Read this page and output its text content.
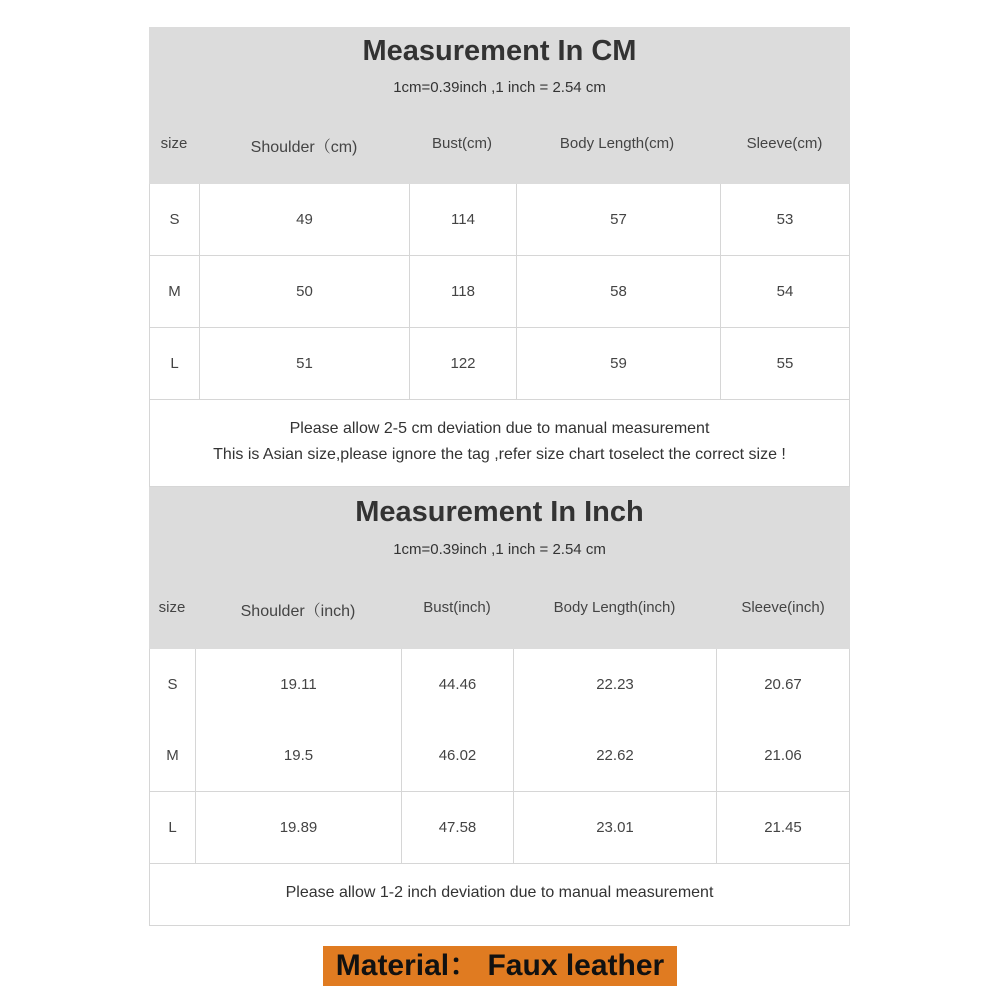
Measurement In CM
1cm=0.39inch ,1 inch = 2.54 cm
size	Shoulder（cm)	Bust(cm)	Body Length(cm)	Sleeve(cm)
S	49	114	57	53
M	50	118	58	54
L	51	122	59	55
Please allow 2-5 cm deviation due to manual measurement
This is Asian size,please ignore the tag ,refer size chart toselect the correct size !
Measurement In Inch
1cm=0.39inch ,1 inch = 2.54 cm
size	Shoulder（inch)	Bust(inch)	Body Length(inch)	Sleeve(inch)
S	19.11	44.46	22.23	20.67
M	19.5	46.02	22.62	21.06
L	19.89	47.58	23.01	21.45
Please allow 1-2 inch deviation due to manual measurement
Material： Faux leather
